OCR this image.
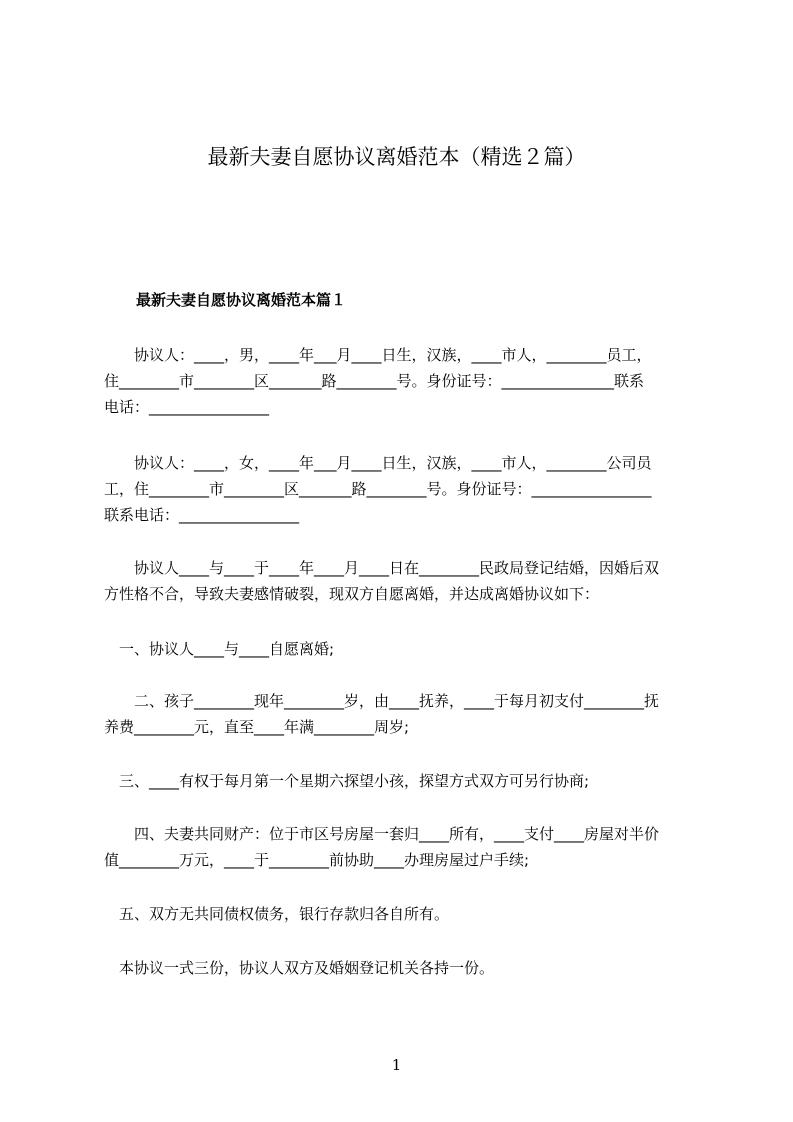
最新夫妻自愿协议离婚范本（精选２篇）
最新夫妻自愿协议离婚范本篇１
　　协议人：____，男，____年___月____日生，汉族，____市人，________员工，
住________市________区_______路________号。身份证号：_______________联系
电话：________________
　　协议人：____，女，____年___月____日生，汉族，____市人，________公司员
工，住________市________区_______路________号。身份证号：________________
联系电话：________________
　　协议人____与____于____年____月____日在________民政局登记结婚，因婚后双
方性格不合，导致夫妻感情破裂，现双方自愿离婚，并达成离婚协议如下：
　一、协议人____与____自愿离婚;
　　二、孩子________现年________岁，由____抚养，____于每月初支付________抚
养费________元，直至____年满________周岁;
　三、____有权于每月第一个星期六探望小孩，探望方式双方可另行协商;
　　四、夫妻共同财产：位于市区号房屋一套归____所有，____支付____房屋对半价
值________万元，____于________前协助____办理房屋过户手续;
　五、双方无共同债权债务，银行存款归各自所有。
　本协议一式三份，协议人双方及婚姻登记机关各持一份。
1
